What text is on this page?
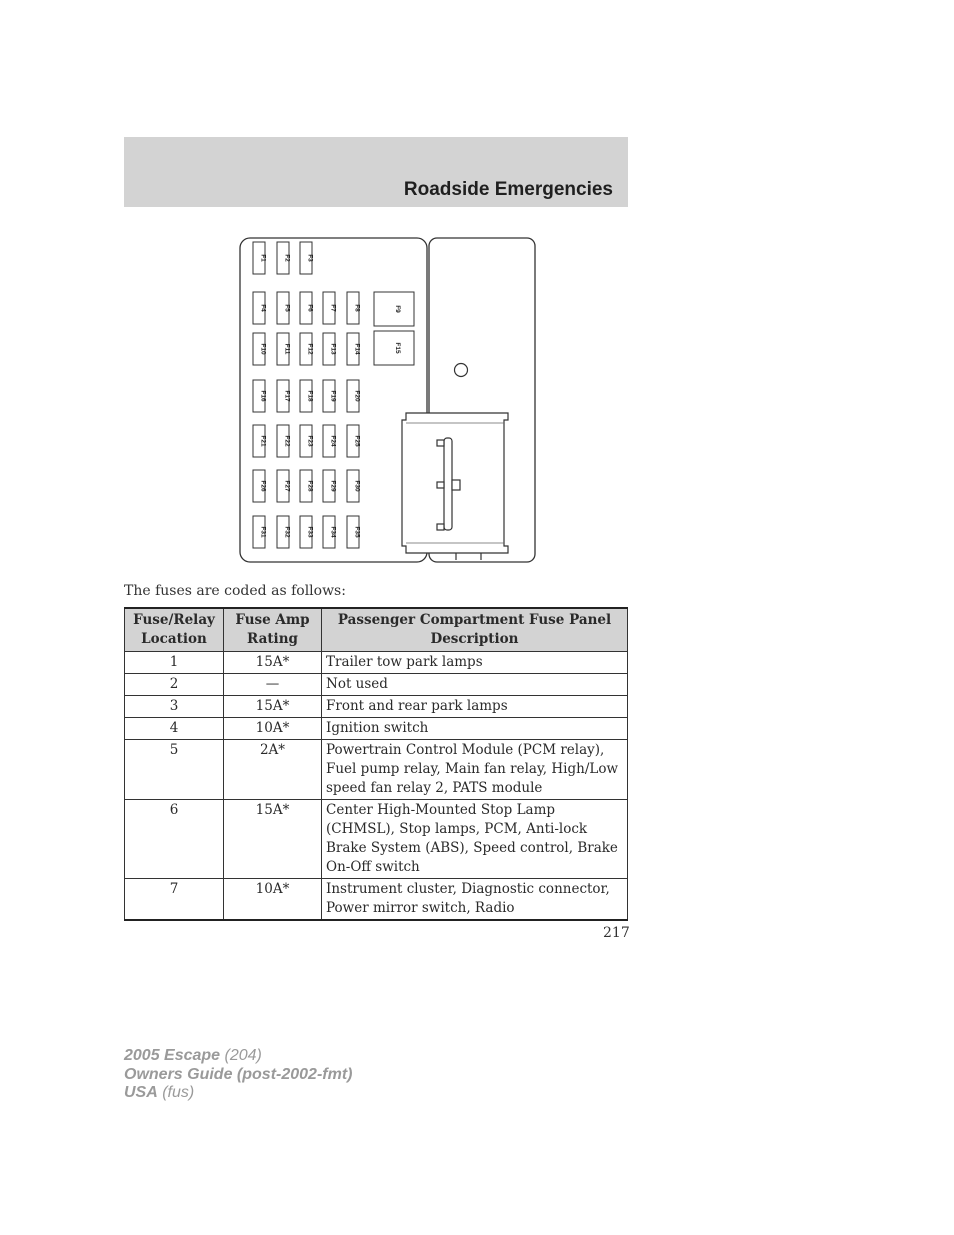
Roadside Emergencies
F1	F2 F3
F4	F5 F6 F7	F8
F10	F11 F12 F13	F14
F16	F17 F18 F19	F20
F21	F22 F23 F24	F25
F26	F27 F28 F29	F30
F31	F32 F33 F34	F35
F9
F15
The fuses are coded as follows:
Fuse/Relay Location	Fuse Amp Rating	Passenger Compartment Fuse Panel Description
1	15A*	Trailer tow park lamps
2	—	Not used
3	15A*	Front and rear park lamps
4	10A*	Ignition switch
5	2A*	Powertrain Control Module (PCM relay), Fuel pump relay, Main fan relay, High/Low speed fan relay 2, PATS module
6	15A*	Center High-Mounted Stop Lamp (CHMSL), Stop lamps, PCM, Anti-lock Brake System (ABS), Speed control, Brake On-Off switch
7	10A*	Instrument cluster, Diagnostic connector, Power mirror switch, Radio
217
2005 Escape (204)
Owners Guide (post-2002-fmt)
USA (fus)
